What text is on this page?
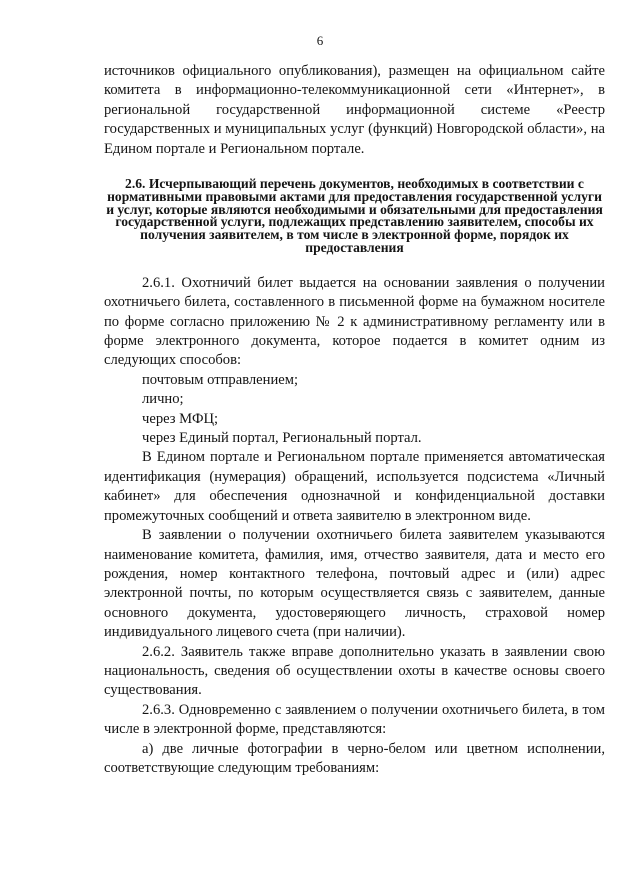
6

источников официального опубликования), размещен на официальном сайте комитета в информационно-телекоммуникационной сети «Интернет», в региональной государственной информационной системе «Реестр государственных и муниципальных услуг (функций) Новгородской области», на Едином портале и Региональном портале.

2.6. Исчерпывающий перечень документов, необходимых в соответствии с нормативными правовыми актами для предоставления государственной услуги и услуг, которые являются необходимыми и обязательными для предоставления государственной услуги, подлежащих представлению заявителем, способы их получения заявителем, в том числе в электронной форме, порядок их предоставления

2.6.1. Охотничий билет выдается на основании заявления о получении охотничьего билета, составленного в письменной форме на бумажном носителе по форме согласно приложению № 2 к административному регламенту или в форме электронного документа, которое подается в комитет одним из следующих способов:

почтовым отправлением;

лично;

через МФЦ;

через Единый портал, Региональный портал.

В Едином портале и Региональном портале применяется автоматическая идентификация (нумерация) обращений, используется подсистема «Личный кабинет» для обеспечения однозначной и конфиденциальной доставки промежуточных сообщений и ответа заявителю в электронном виде.

В заявлении о получении охотничьего билета заявителем указываются наименование комитета, фамилия, имя, отчество заявителя, дата и место его рождения, номер контактного телефона, почтовый адрес и (или) адрес электронной почты, по которым осуществляется связь с заявителем, данные основного документа, удостоверяющего личность, страховой номер индивидуального лицевого счета (при наличии).

2.6.2. Заявитель также вправе дополнительно указать в заявлении свою национальность, сведения об осуществлении охоты в качестве основы своего существования.

2.6.3. Одновременно с заявлением о получении охотничьего билета, в том числе в электронной форме, представляются:

а) две личные фотографии в черно-белом или цветном исполнении, соответствующие следующим требованиям:
